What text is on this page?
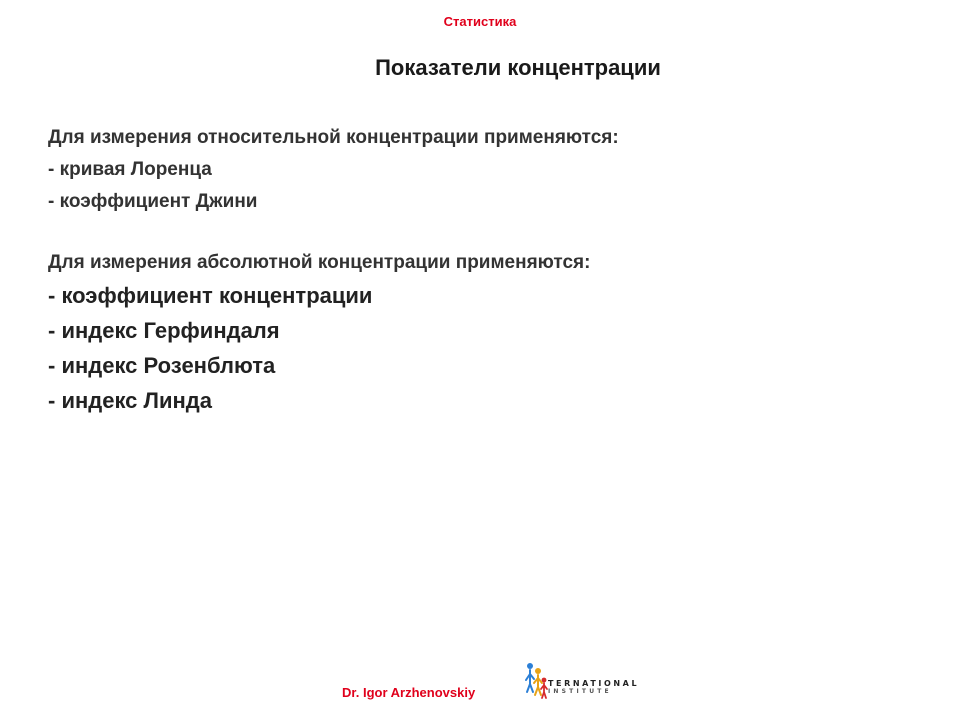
Статистика
Показатели концентрации
Для измерения относительной концентрации применяются:
- кривая Лоренца
- коэффициент Джини
Для измерения абсолютной концентрации применяются:
- коэффициент концентрации
- индекс Герфиндаля
- индекс Розенблюта
- индекс Линда
Dr. Igor Arzhenovskiy
TERNATIONAL
INSTITUTE
